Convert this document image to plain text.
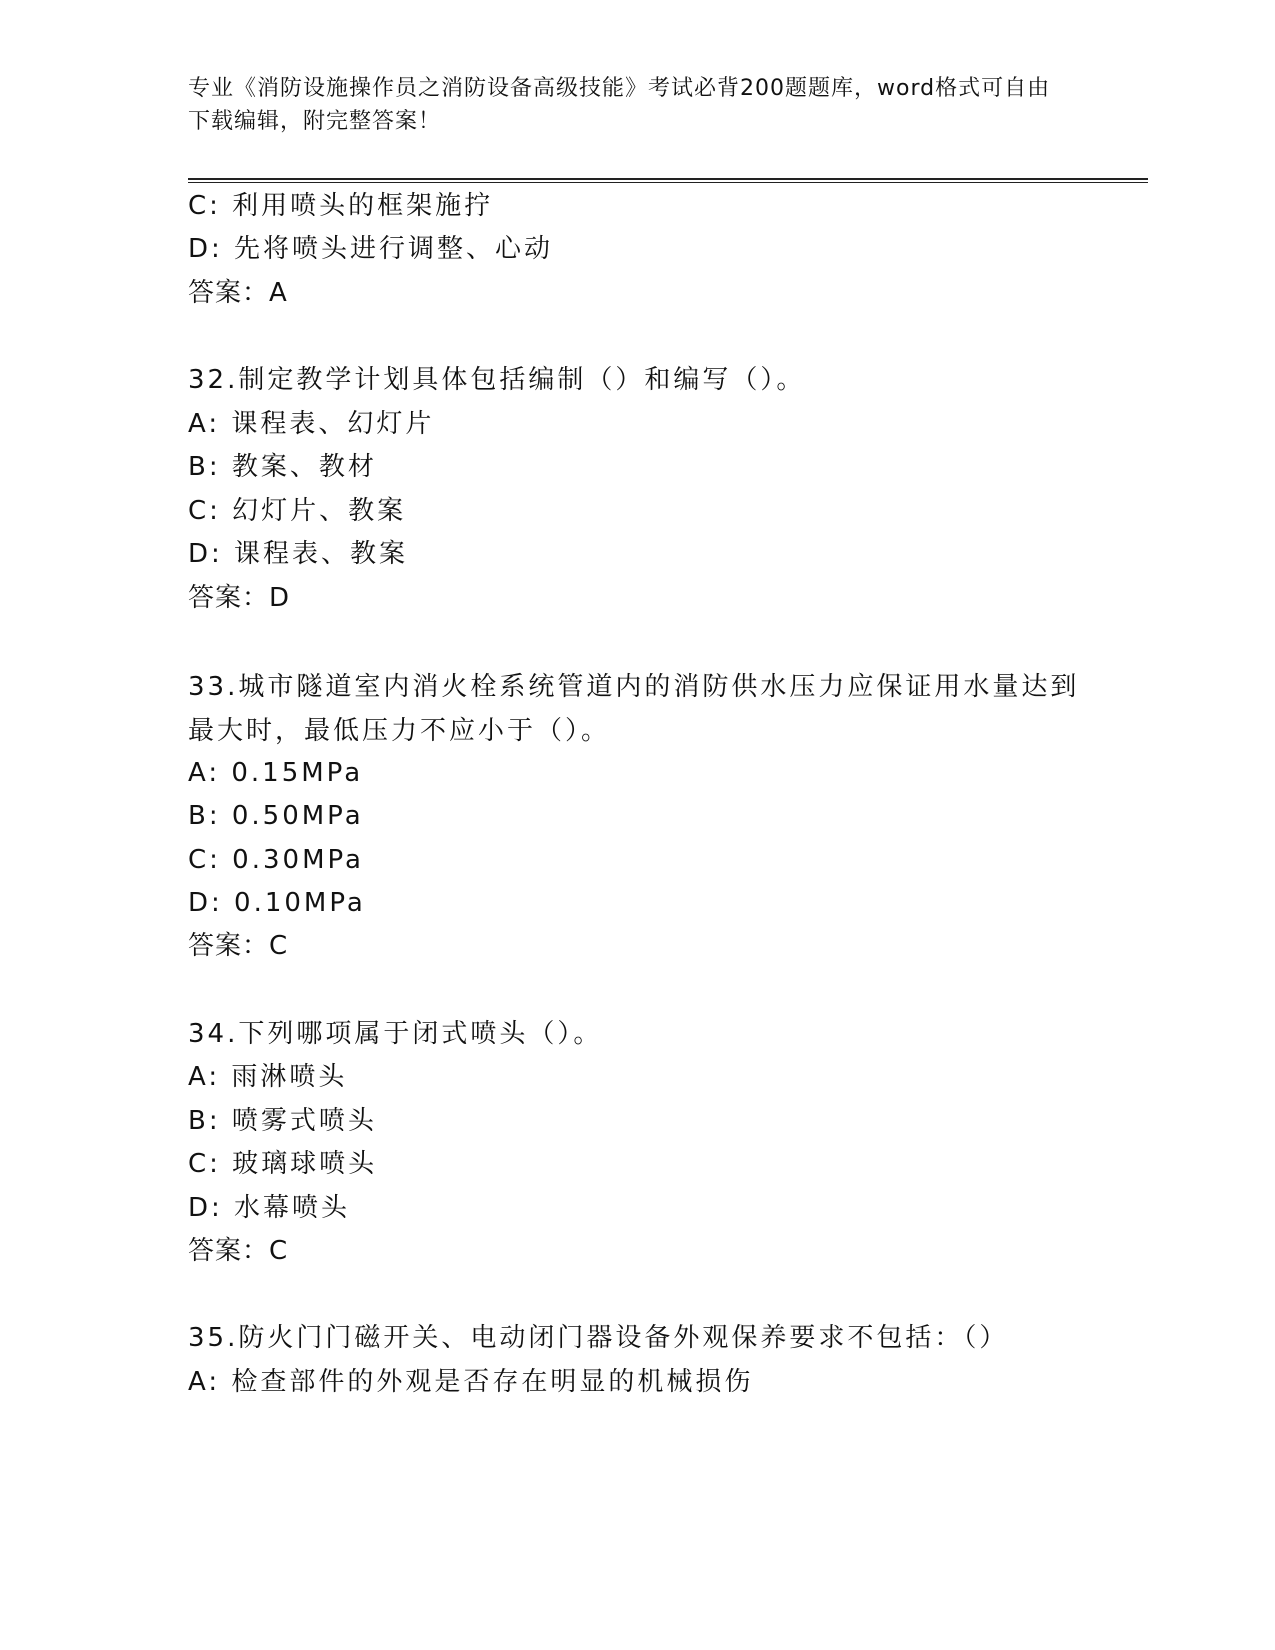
专业《消防设施操作员之消防设备高级技能》考试必背200题题库，word格式可自由下载编辑，附完整答案！
C: 利用喷头的框架施拧
D: 先将喷头进行调整、心动
答案：A
32.制定教学计划具体包括编制（）和编写（）。
A: 课程表、幻灯片
B: 教案、教材
C: 幻灯片、教案
D: 课程表、教案
答案：D
33.城市隧道室内消火栓系统管道内的消防供水压力应保证用水量达到最大时，最低压力不应小于（）。
A: 0.15MPa
B: 0.50MPa
C: 0.30MPa
D: 0.10MPa
答案：C
34.下列哪项属于闭式喷头（）。
A: 雨淋喷头
B: 喷雾式喷头
C: 玻璃球喷头
D: 水幕喷头
答案：C
35.防火门门磁开关、电动闭门器设备外观保养要求不包括：（）
A: 检查部件的外观是否存在明显的机械损伤
